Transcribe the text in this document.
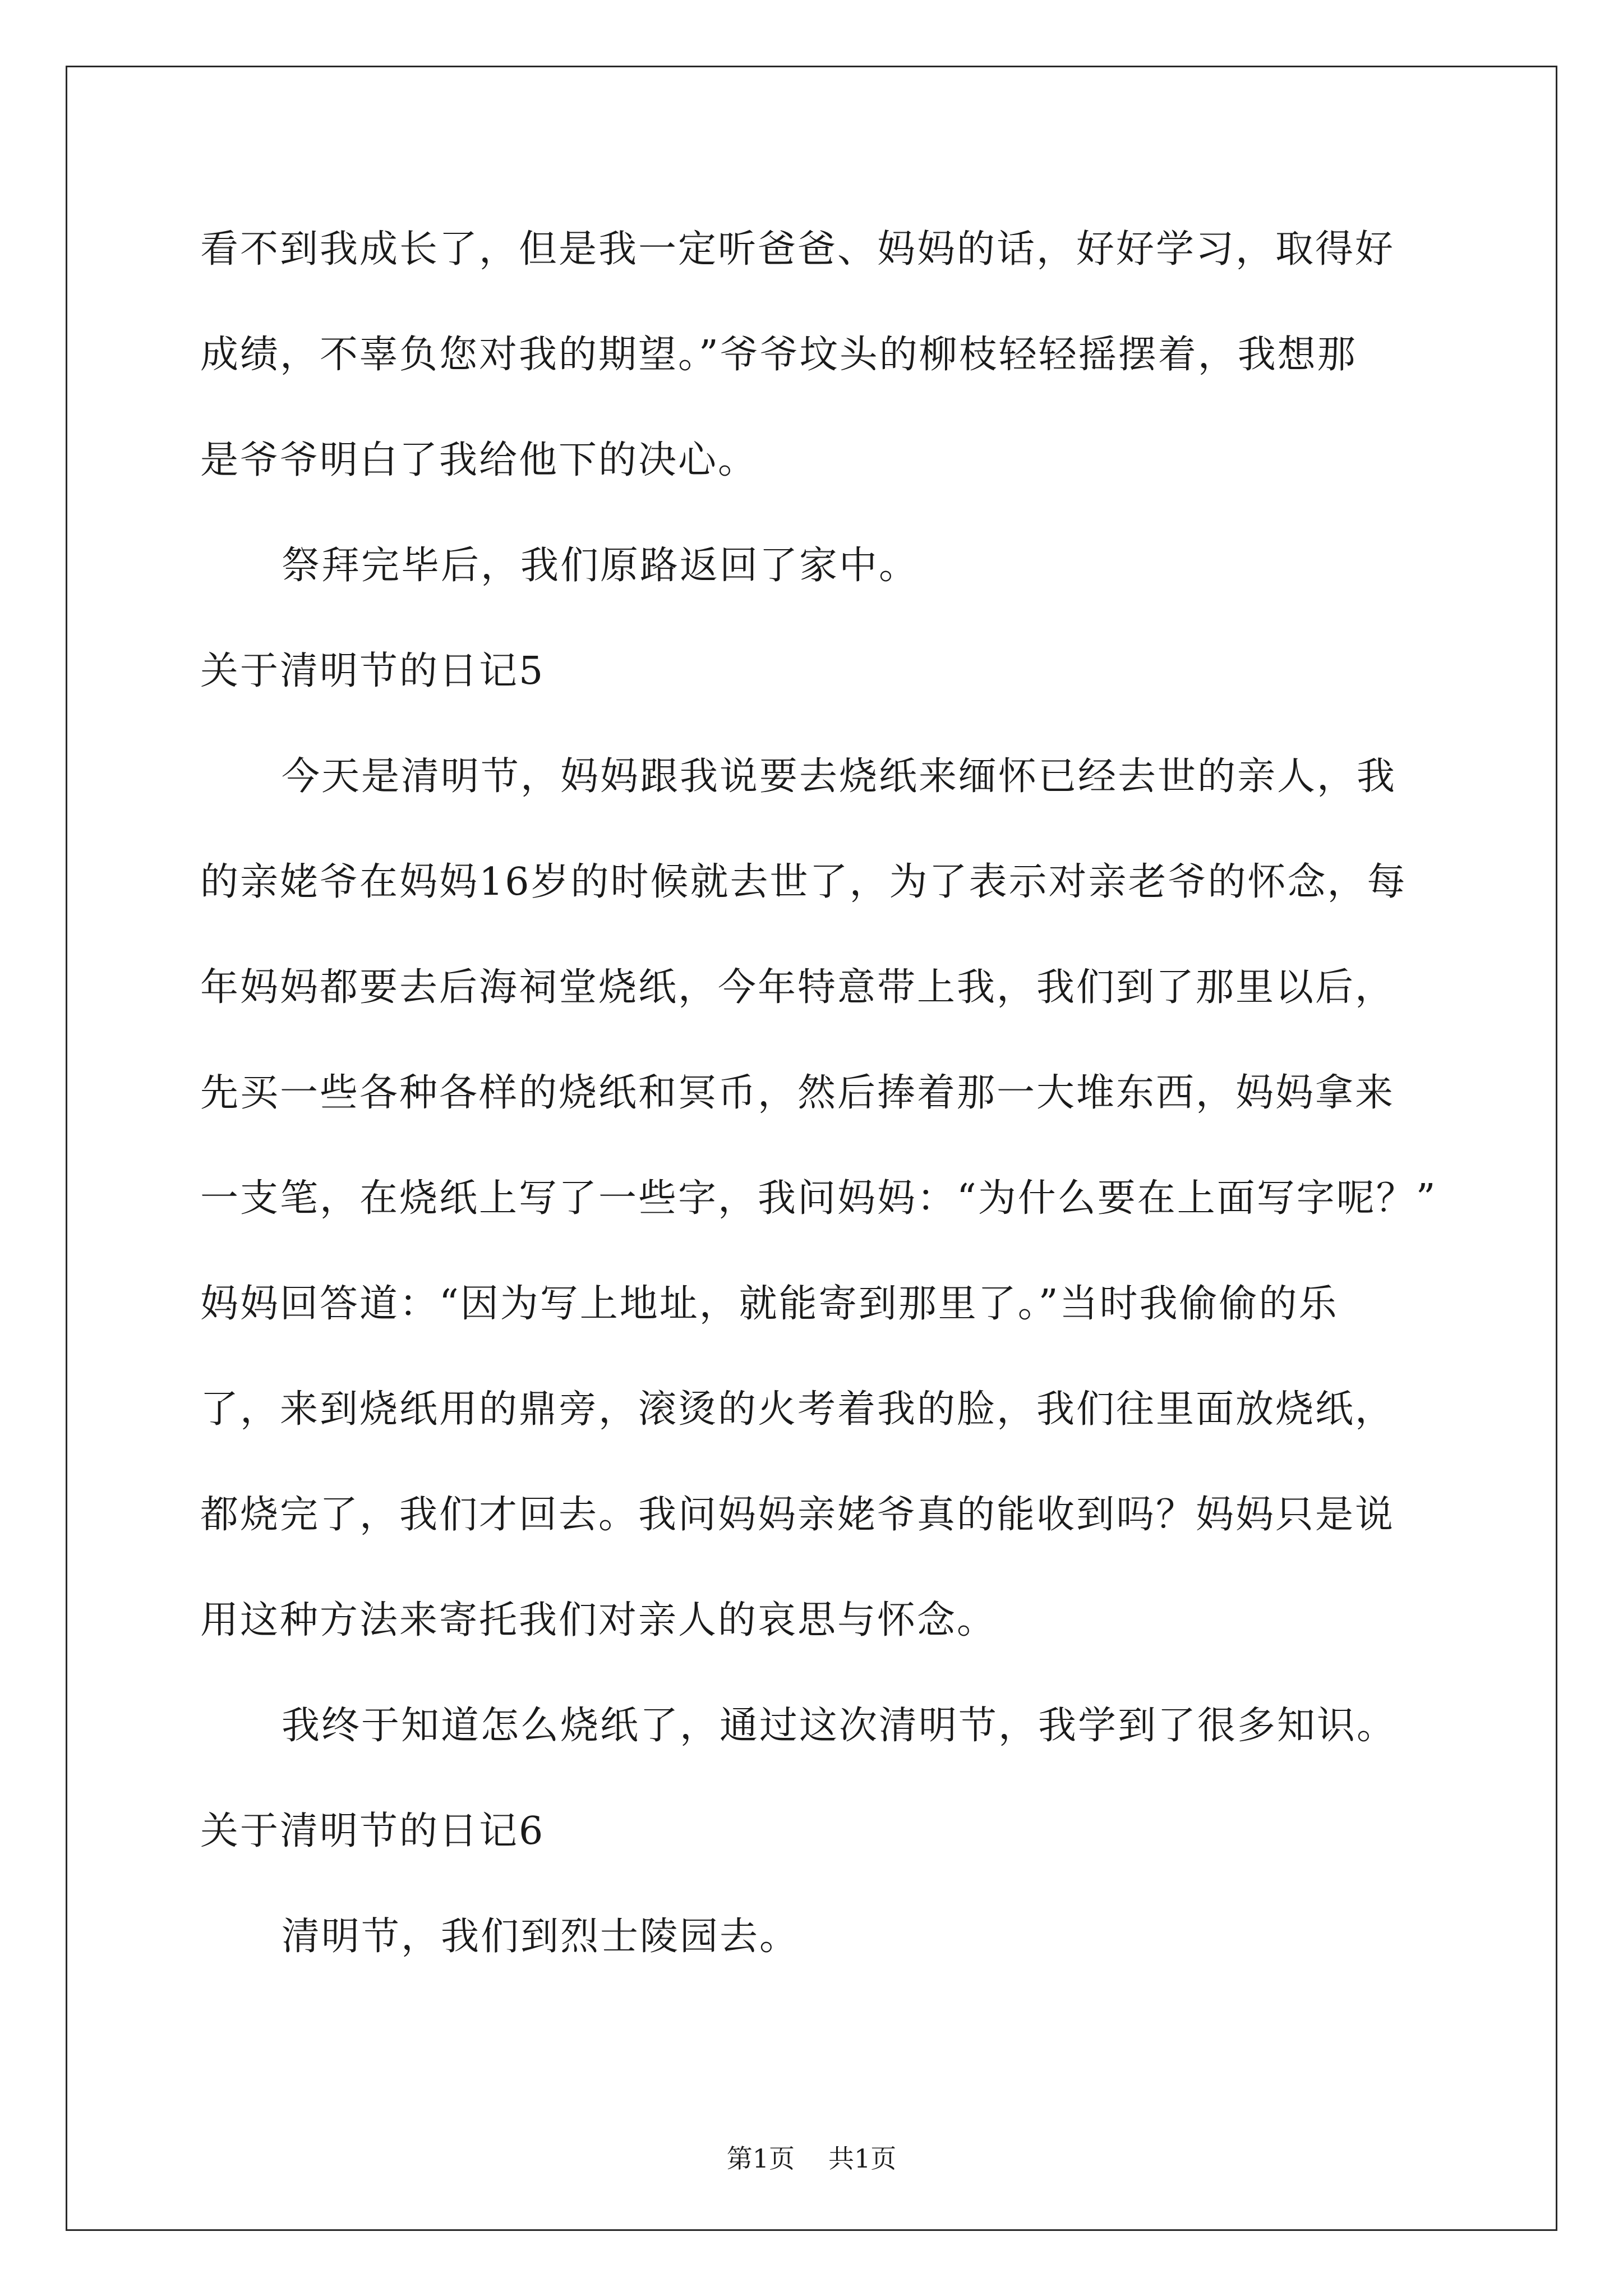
看不到我成长了，但是我一定听爸爸、妈妈的话，好好学习，取得好
成绩，不辜负您对我的期望。”爷爷坟头的柳枝轻轻摇摆着，我想那
是爷爷明白了我给他下的决心。
祭拜完毕后，我们原路返回了家中。
关于清明节的日记5
今天是清明节，妈妈跟我说要去烧纸来缅怀已经去世的亲人，我
的亲姥爷在妈妈16岁的时候就去世了，为了表示对亲老爷的怀念，每
年妈妈都要去后海祠堂烧纸，今年特意带上我，我们到了那里以后，
先买一些各种各样的烧纸和冥币，然后捧着那一大堆东西，妈妈拿来
一支笔，在烧纸上写了一些字，我问妈妈：“为什么要在上面写字呢？”
妈妈回答道：“因为写上地址，就能寄到那里了。”当时我偷偷的乐
了，来到烧纸用的鼎旁，滚烫的火考着我的脸，我们往里面放烧纸，
都烧完了，我们才回去。我问妈妈亲姥爷真的能收到吗？妈妈只是说
用这种方法来寄托我们对亲人的哀思与怀念。
我终于知道怎么烧纸了，通过这次清明节，我学到了很多知识。
关于清明节的日记6
清明节，我们到烈士陵园去。
第1页 共1页
